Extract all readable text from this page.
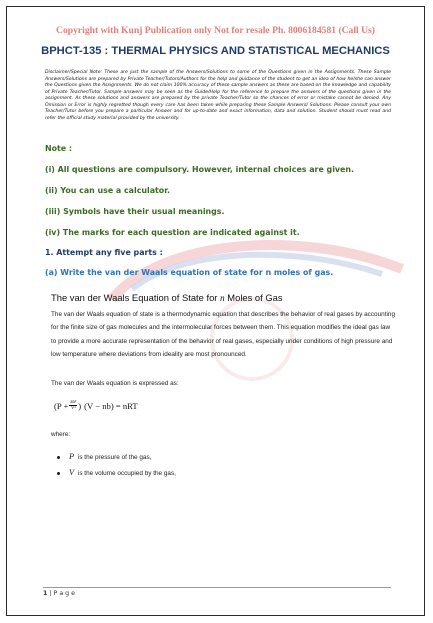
Copyright with Kunj Publication only Not for resale Ph. 8006184581 (Call Us)
BPHCT-135 : THERMAL PHYSICS AND STATISTICAL MECHANICS
Disclaimer/Special Note: These are just the sample of the Answers/Solutions to some of the Questions given in the Assignments. These Sample Answers/Solutions are prepared by Private Teacher/Tutors/Authors for the help and guidance of the student to get an idea of how he/she can answer the Questions given the Assignments. We do not claim 100% accuracy of these sample answers as these are based on the knowledge and capability of Private Teacher/Tutor. Sample answers may be seen as the Guide/Help for the reference to prepare the answers of the questions given in the assignment. As these solutions and answers are prepared by the private Teacher/Tutor so the chances of error or mistake cannot be denied. Any Omission or Error is highly regretted though every care has been taken while preparing these Sample Answers/ Solutions. Please consult your own Teacher/Tutor before you prepare a particular Answer and for up-to-date and exact information, data and solution. Student should must read and refer the official study material provided by the university.
Note :
(i) All questions are compulsory. However, internal choices are given.
(ii) You can use a calculator.
(iii) Symbols have their usual meanings.
(iv) The marks for each question are indicated against it.
1. Attempt any five parts :
(a) Write the van der Waals equation of state for n moles of gas.
The van der Waals Equation of State for n Moles of Gas
The van der Waals equation of state is a thermodynamic equation that describes the behavior of real gases by accounting for the finite size of gas molecules and the intermolecular forces between them. This equation modifies the ideal gas law to provide a more accurate representation of the behavior of real gases, especially under conditions of high pressure and low temperature where deviations from ideality are most pronounced.
The van der Waals equation is expressed as:
($P + \frac{\text{an²}}{\text{V²}}$ ) (V − nb) = nRT
where:
P is the pressure of the gas,
V is the volume occupied by the gas,
1 | P a g e
